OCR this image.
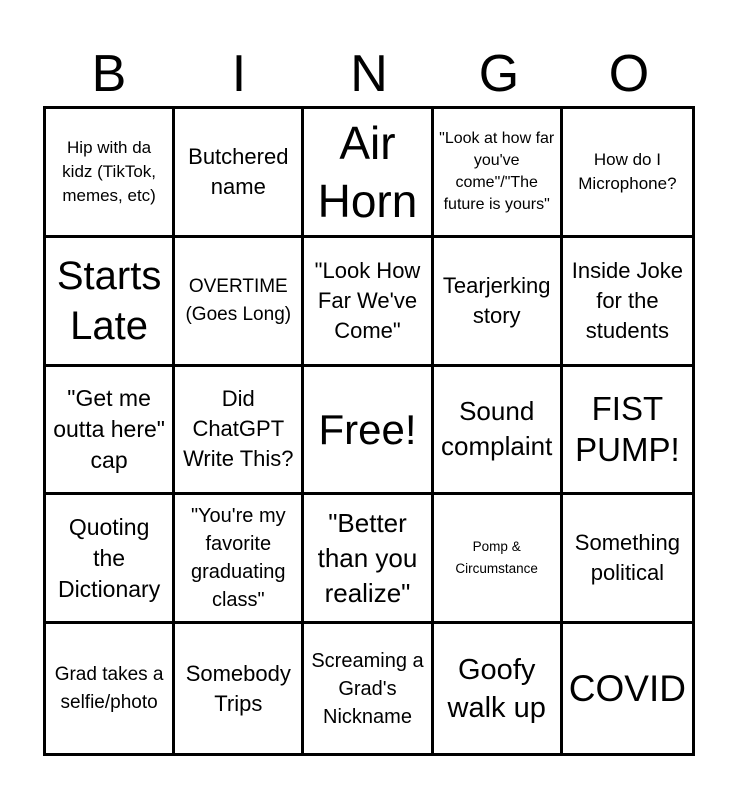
B	I	N	G	O
Hip with da kidz (TikTok, memes, etc)
Butchered name
Air Horn
"Look at how far you've come"/"The future is yours"
How do I Microphone?
Starts Late
OVERTIME (Goes Long)
"Look How Far We've Come"
Tearjerking story
Inside Joke for the students
"Get me outta here" cap
Did ChatGPT Write This?
Free!	Sound complaint
FIST PUMP!
Quoting the Dictionary
"You're my favorite graduating class"
"Better than you realize"
Pomp & Circumstance
Something political
Grad takes a selfie/photo
Somebody Trips
Screaming a Grad's Nickname
Goofy walk up COVID
